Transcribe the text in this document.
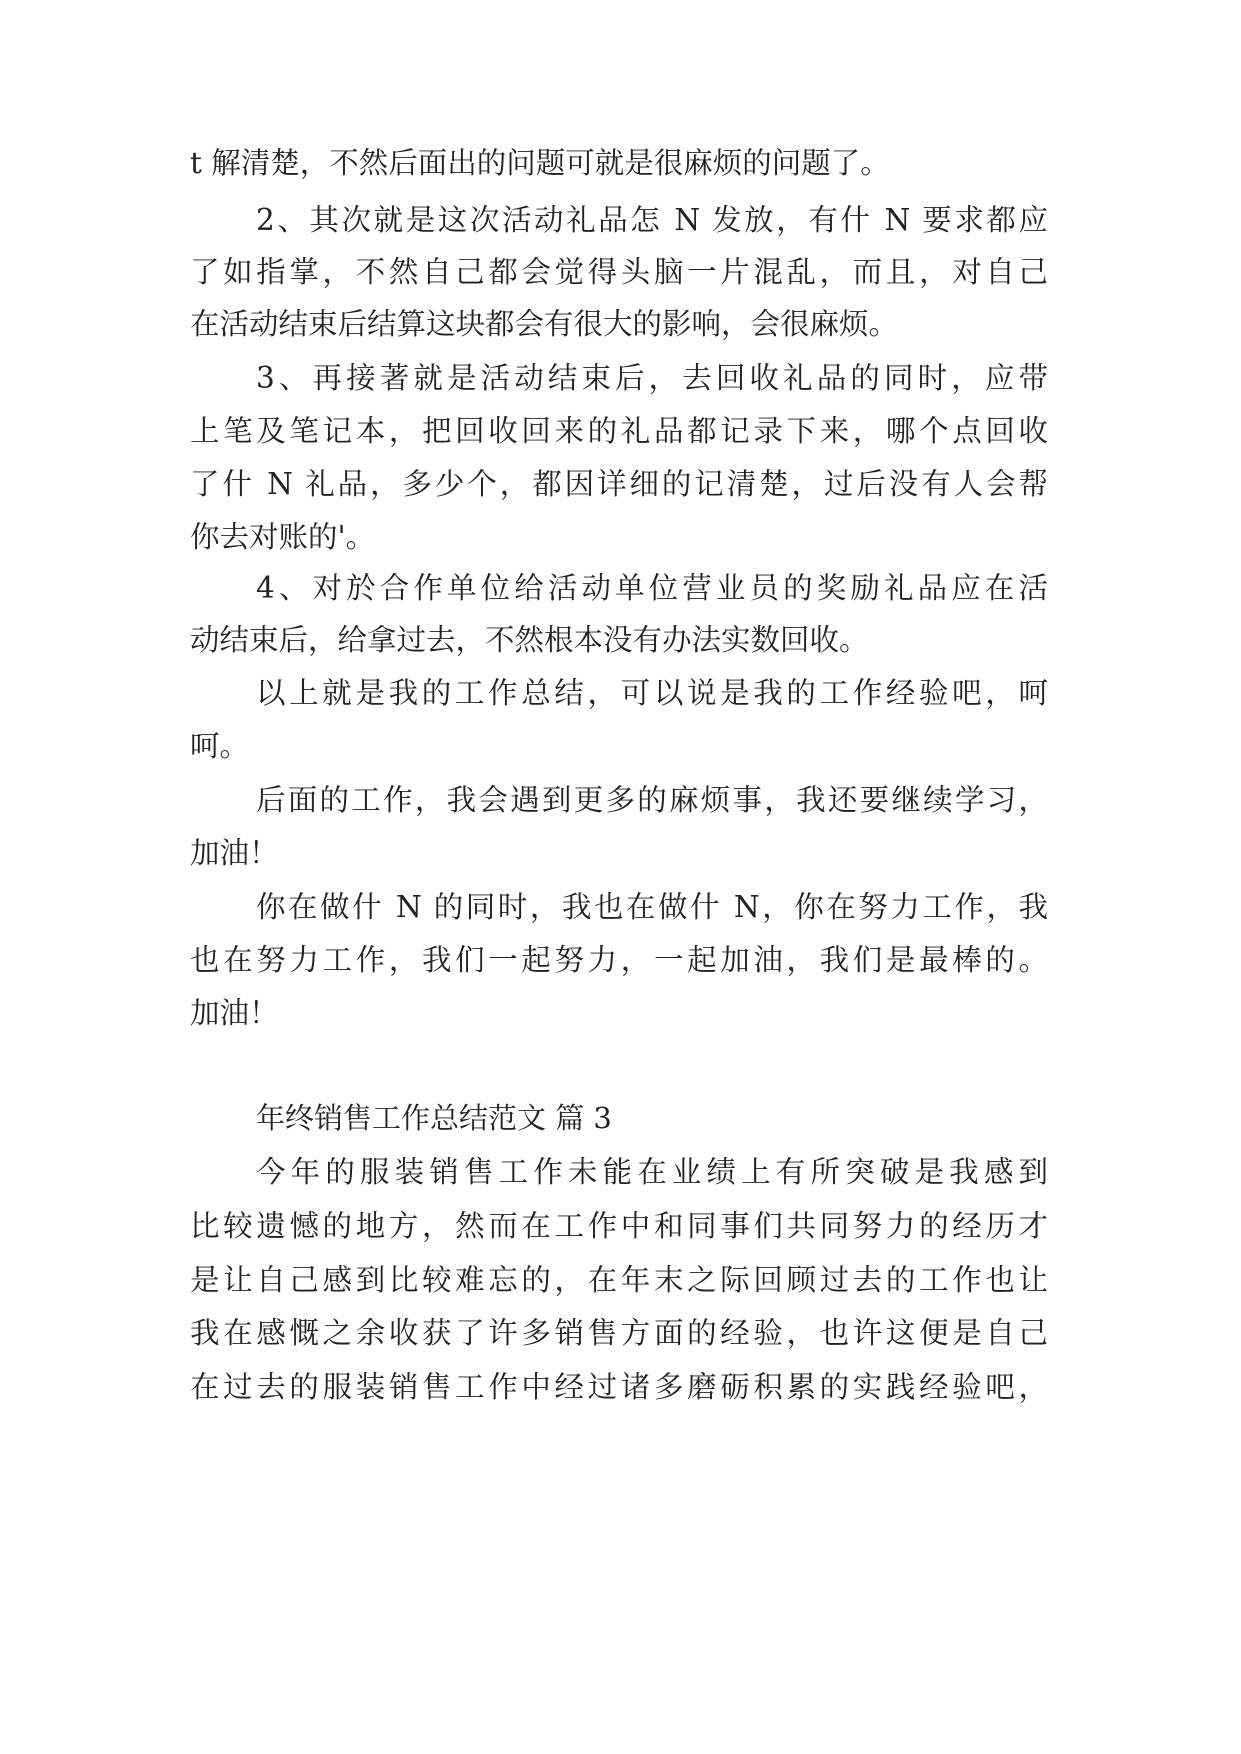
t 解清楚，不然后面出的问题可就是很麻烦的问题了。
2、其次就是这次活动礼品怎 N 发放，有什 N 要求都应
了如指掌，不然自己都会觉得头脑一片混乱，而且，对自己
在活动结束后结算这块都会有很大的影响，会很麻烦。
3、再接著就是活动结束后，去回收礼品的同时，应带
上笔及笔记本，把回收回来的礼品都记录下来，哪个点回收
了什 N 礼品，多少个，都因详细的记清楚，过后没有人会帮
你去对账的'。
4、对於合作单位给活动单位营业员的奖励礼品应在活
动结束后，给拿过去，不然根本没有办法实数回收。
以上就是我的工作总结，可以说是我的工作经验吧，呵
呵。
后面的工作，我会遇到更多的麻烦事，我还要继续学习，
加油！
你在做什 N 的同时，我也在做什 N，你在努力工作，我
也在努力工作，我们一起努力，一起加油，我们是最棒的。
加油！
年终销售工作总结范文 篇 3
今年的服装销售工作未能在业绩上有所突破是我感到
比较遗憾的地方，然而在工作中和同事们共同努力的经历才
是让自己感到比较难忘的，在年末之际回顾过去的工作也让
我在感慨之余收获了许多销售方面的经验，也许这便是自己
在过去的服装销售工作中经过诸多磨砺积累的实践经验吧，
